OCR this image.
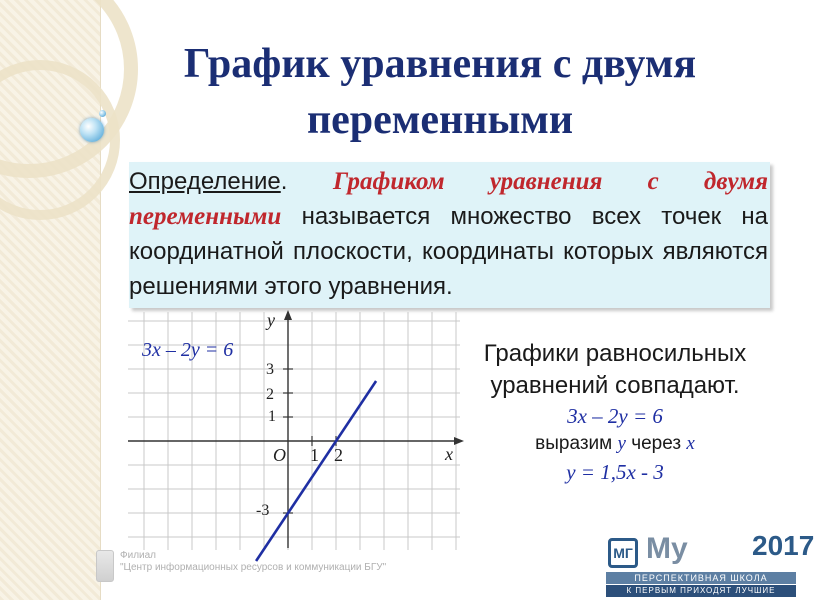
График уравнения с двумя
переменными

Определение. Графиком уравнения с двумя переменными называется множество всех точек на координатной плоскости, координаты которых являются решениями этого уравнения.

3x – 2y = 6
y
x
O 1 2
1
2
3
-3
Графики равносильных
уравнений совпадают.
3x – 2y = 6
выразим y через x
y = 1,5x - 3
Филиал
"Центр информационных ресурсов и коммуникации БГУ"
МГ My 2017
ПЕРСПЕКТИВНАЯ ШКОЛА
К ПЕРВЫМ ПРИХОДЯТ ЛУЧШИЕ
